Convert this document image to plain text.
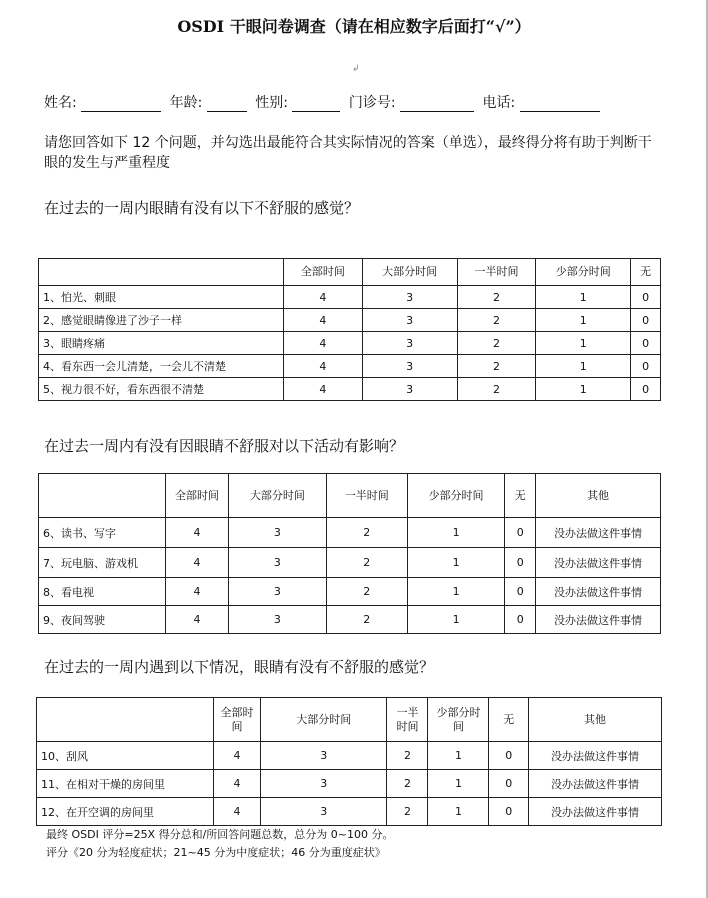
OSDI 干眼问卷调查（请在相应数字后面打“√”）
↲
姓名:	年龄:	性别:	门诊号:	电话:
请您回答如下 12 个问题，并勾选出最能符合其实际情况的答案（单选），最终得分将有助于判断干眼的发生与严重程度
在过去的一周内眼睛有没有以下不舒服的感觉？
	全部时间	大部分时间	一半时间	少部分时间	无
1、怕光、刺眼	4	3	2	1	0
2、感觉眼睛像进了沙子一样	4	3	2	1	0
3、眼睛疼痛	4	3	2	1	0
4、看东西一会儿清楚，一会儿不清楚	4	3	2	1	0
5、视力很不好，看东西很不清楚	4	3	2	1	0
在过去一周内有没有因眼睛不舒服对以下活动有影响？
	全部时间	大部分时间	一半时间	少部分时间	无	其他
6、读书、写字	4	3	2	1	0	没办法做这件事情
7、玩电脑、游戏机	4	3	2	1	0	没办法做这件事情
8、看电视	4	3	2	1	0	没办法做这件事情
9、夜间驾驶	4	3	2	1	0	没办法做这件事情
在过去的一周内遇到以下情况，眼睛有没有不舒服的感觉？
	全部时间	大部分时间	一半时间	少部分时间	无	其他
10、刮风	4	3	2	1	0	没办法做这件事情
11、在相对干燥的房间里	4	3	2	1	0	没办法做这件事情
12、在开空调的房间里	4	3	2	1	0	没办法做这件事情
最终 OSDI 评分=25X 得分总和/所回答问题总数，总分为 0~100 分。
评分《20 分为轻度症状；21~45 分为中度症状；46 分为重度症状》
